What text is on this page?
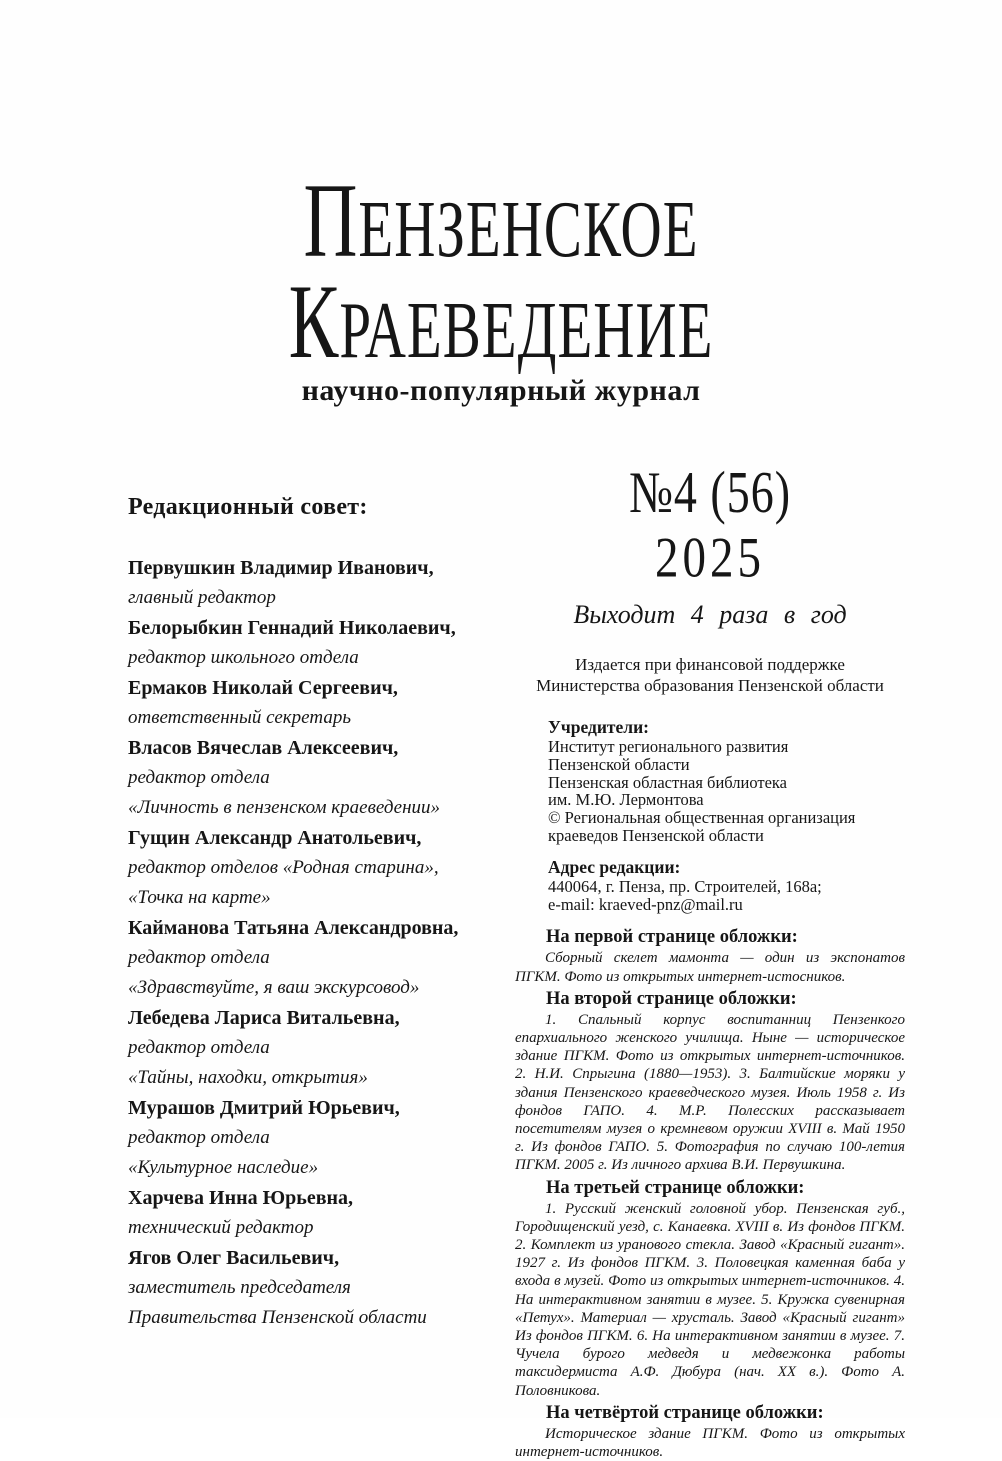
ПЕНЗЕНСКОЕ
КРАЕВЕДЕНИЕ
научно-популярный журнал
Редакционный совет:
Первушкин Владимир Иванович,
главный редактор
Белорыбкин Геннадий Николаевич,
редактор школьного отдела
Ермаков Николай Сергеевич,
ответственный секретарь
Власов Вячеслав Алексеевич,
редактор отдела
«Личность в пензенском краеведении»
Гущин Александр Анатольевич,
редактор отделов «Родная старина»,
«Точка на карте»
Кайманова Татьяна Александровна,
редактор отдела
«Здравствуйте, я ваш экскурсовод»
Лебедева Лариса Витальевна,
редактор отдела
«Тайны, находки, открытия»
Мурашов Дмитрий Юрьевич,
редактор отдела
«Культурное наследие»
Харчева Инна Юрьевна,
технический редактор
Ягов Олег Васильевич,
заместитель председателя
Правительства Пензенской области
№4 (56)
2025
Выходит 4 раза в год
Издается при финансовой поддержке
Министерства образования Пензенской области
Учредители:
Институт регионального развития
Пензенской области
Пензенская областная библиотека
им. М.Ю. Лермонтова
© Региональная общественная организация
краеведов Пензенской области
Адрес редакции:
440064, г. Пенза, пр. Строителей, 168а;
e-mail: kraeved-pnz@mail.ru
На первой странице обложки:

Сборный скелет мамонта — один из экспонатов ПГКМ. Фото из открытых интернет-истосников.

На второй странице обложки:

1. Спальный корпус воспитанниц Пензенкого епархиального женского училища. Ныне — историческое здание ПГКМ. Фото из открытых интернет-источников. 2. Н.И. Спрыгина (1880—1953). 3. Балтийские моряки у здания Пензенского краеведческого музея. Июль 1958 г. Из фондов ГАПО. 4. М.Р. Полесских рассказывает посетителям музея о кремневом оружии XVIII в. Май 1950 г. Из фондов ГАПО. 5. Фотография по случаю 100-летия ПГКМ. 2005 г. Из личного архива В.И. Первушкина.

На третьей странице обложки:

1. Русский женский головной убор. Пензенская губ., Городищенский уезд, с. Канаевка. XVIII в. Из фондов ПГКМ. 2. Комплект из уранового стекла. Завод «Красный гигант». 1927 г. Из фондов ПГКМ. 3. Половецкая каменная баба у входа в музей. Фото из открытых интернет-источников. 4. На интерактивном занятии в музее. 5. Кружка сувенирная «Петух». Материал — хрусталь. Завод «Красный гигант» Из фондов ПГКМ. 6. На интерактивном занятии в музее. 7. Чучела бурого медведя и медвежонка работы таксидермиста А.Ф. Дюбура (нач. XX в.). Фото А. Половникова.

На четвёртой странице обложки:

Историческое здание ПГКМ. Фото из открытых интернет-источников.
